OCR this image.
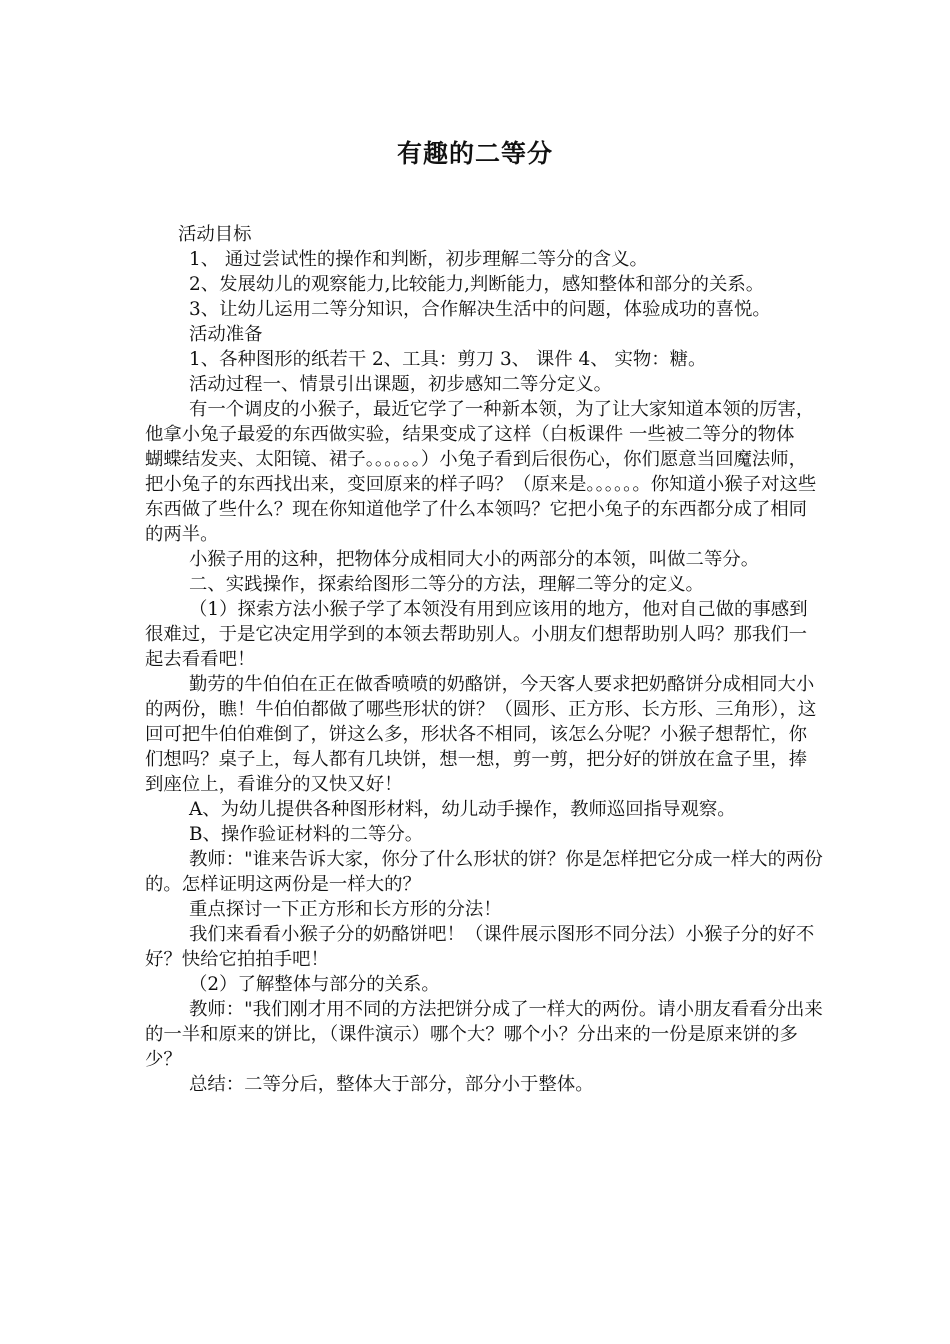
有趣的二等分

活动目标

1、 通过尝试性的操作和判断，初步理解二等分的含义。

2、发展幼儿的观察能力,比较能力,判断能力，感知整体和部分的关系。

3、让幼儿运用二等分知识，合作解决生活中的问题，体验成功的喜悦。

活动准备

1、各种图形的纸若干 2、工具：剪刀 3、 课件 4、 实物：糖。

活动过程一、情景引出课题，初步感知二等分定义。

有一个调皮的小猴子，最近它学了一种新本领，为了让大家知道本领的厉害，他拿小兔子最爱的东西做实验，结果变成了这样（白板课件 一些被二等分的物体　蝴蝶结发夹、太阳镜、裙子。。。。。。）小兔子看到后很伤心，你们愿意当回魔法师，把小兔子的东西找出来，变回原来的样子吗？（原来是。。。。。。你知道小猴子对这些东西做了些什么？现在你知道他学了什么本领吗？它把小兔子的东西都分成了相同的两半。

小猴子用的这种，把物体分成相同大小的两部分的本领，叫做二等分。

二、实践操作，探索给图形二等分的方法，理解二等分的定义。

（1）探索方法小猴子学了本领没有用到应该用的地方，他对自己做的事感到很难过，于是它决定用学到的本领去帮助别人。小朋友们想帮助别人吗？那我们一起去看看吧！

勤劳的牛伯伯在正在做香喷喷的奶酪饼，今天客人要求把奶酪饼分成相同大小的两份，瞧！牛伯伯都做了哪些形状的饼？（圆形、正方形、长方形、三角形），这回可把牛伯伯难倒了，饼这么多，形状各不相同，该怎么分呢？小猴子想帮忙，你们想吗？桌子上，每人都有几块饼，想一想，剪一剪，把分好的饼放在盒子里，捧到座位上，看谁分的又快又好！

A、为幼儿提供各种图形材料，幼儿动手操作，教师巡回指导观察。

B、操作验证材料的二等分。

教师："谁来告诉大家，你分了什么形状的饼？你是怎样把它分成一样大的两份的。怎样证明这两份是一样大的？

重点探讨一下正方形和长方形的分法！

我们来看看小猴子分的奶酪饼吧！（课件展示图形不同分法）小猴子分的好不好？快给它拍拍手吧！

（2）了解整体与部分的关系。

教师："我们刚才用不同的方法把饼分成了一样大的两份。请小朋友看看分出来的一半和原来的饼比，（课件演示）哪个大？哪个小？分出来的一份是原来饼的多少？

总结：二等分后，整体大于部分，部分小于整体。
